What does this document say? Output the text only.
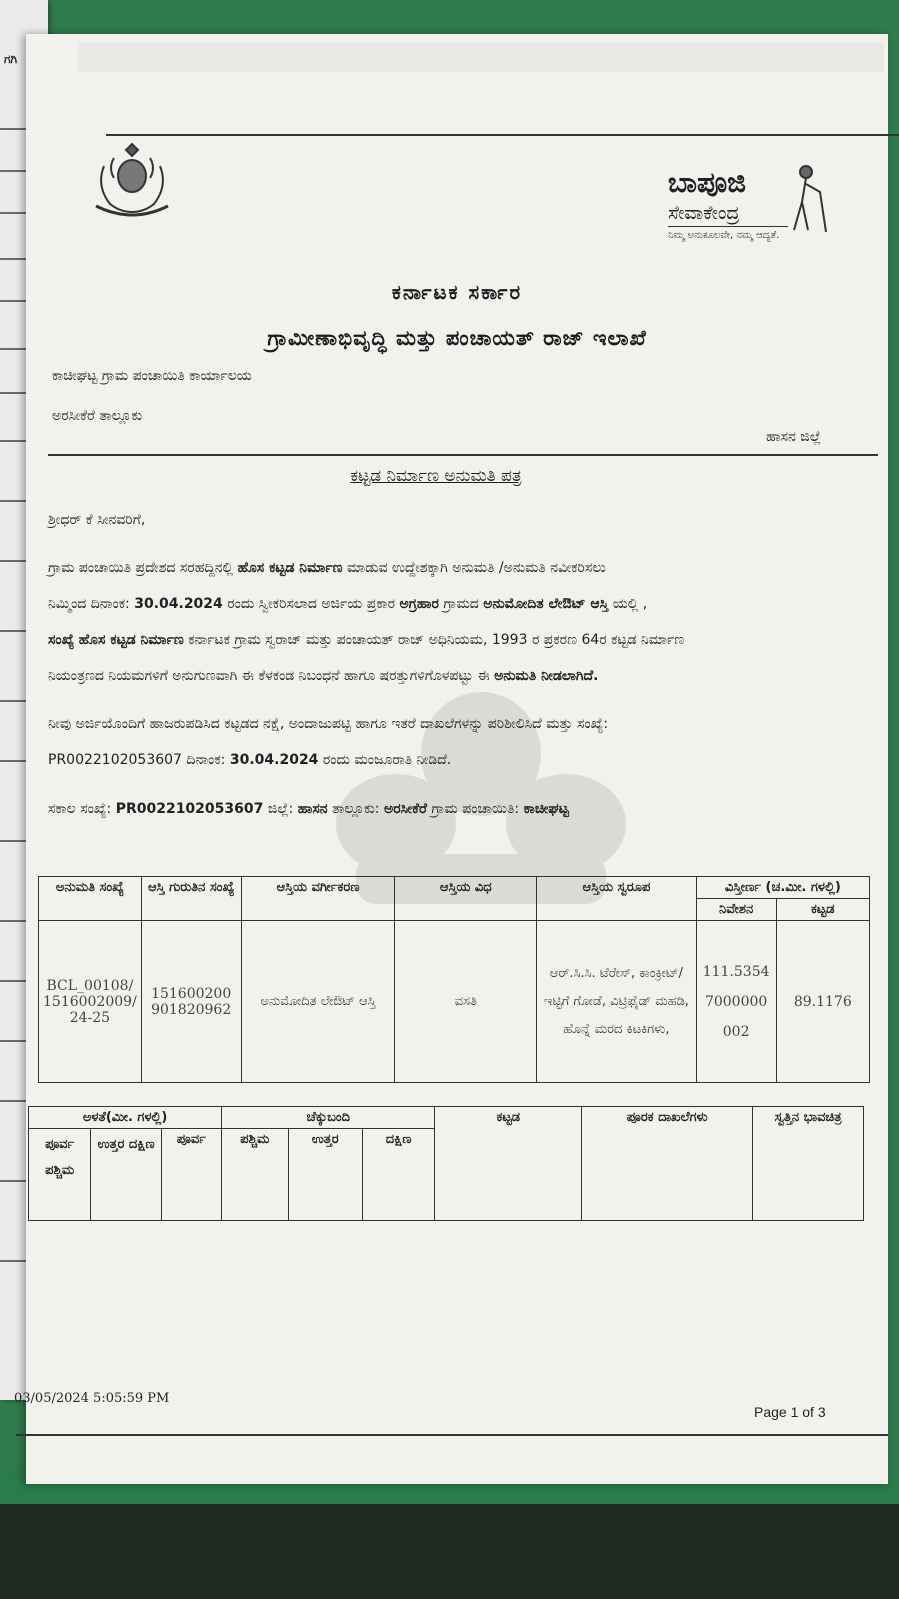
ಗಗಿ
ಬಾಪೂಜಿ
ಸೇವಾಕೇಂದ್ರ
ನಿಮ್ಮ ಅನುಕೂಲವೇ, ನಮ್ಮ ಆದ್ಯತೆ.
ಕರ್ನಾಟಕ ಸರ್ಕಾರ
ಗ್ರಾಮೀಣಾಭಿವೃದ್ಧಿ ಮತ್ತು ಪಂಚಾಯತ್ ರಾಜ್ ಇಲಾಖೆ
ಕಾಚೀಘಟ್ಟ ಗ್ರಾಮ ಪಂಚಾಯಿತಿ ಕಾರ್ಯಾಲಯ
ಅರಸೀಕೆರೆ ತಾಲ್ಲೂಕು
ಹಾಸನ ಜಿಲ್ಲೆ
ಕಟ್ಟಡ ನಿರ್ಮಾಣ ಅನುಮತಿ ಪತ್ರ
ಶ್ರೀಧರ್ ಕೆ ಸೀನವರಿಗೆ,
ಗ್ರಾಮ ಪಂಚಾಯಿತಿ ಪ್ರದೇಶದ ಸರಹದ್ದಿನಲ್ಲಿ ಹೊಸ ಕಟ್ಟಡ ನಿರ್ಮಾಣ ಮಾಡುವ ಉದ್ದೇಶಕ್ಕಾಗಿ ಅನುಮತಿ /ಅನುಮತಿ ನವೀಕರಿಸಲು
ನಿಮ್ಮಿಂದ ದಿನಾಂಕ: 30.04.2024 ರಂದು ಸ್ವೀಕರಿಸಲಾದ ಅರ್ಜಿಯ ಪ್ರಕಾರ ಅಗ್ರಹಾರ ಗ್ರಾಮದ ಅನುಮೋದಿತ ಲೇಔಟ್ ಆಸ್ತಿ ಯಲ್ಲಿ ,
ಸಂಖ್ಯೆ ಹೊಸ ಕಟ್ಟಡ ನಿರ್ಮಾಣ ಕರ್ನಾಟಕ ಗ್ರಾಮ ಸ್ವರಾಜ್ ಮತ್ತು ಪಂಚಾಯತ್ ರಾಜ್ ಅಧಿನಿಯಮ, 1993 ರ ಪ್ರಕರಣ 64ರ ಕಟ್ಟಡ ನಿರ್ಮಾಣ
ನಿಯಂತ್ರಣದ ನಿಯಮಗಳಿಗೆ ಅನುಗುಣವಾಗಿ ಈ ಕೆಳಕಂಡ ನಿಬಂಧನೆ ಹಾಗೂ ಷರತ್ತುಗಳಿಗೊಳಪಟ್ಟು ಈ ಅನುಮತಿ ನೀಡಲಾಗಿದೆ.
ನೀವು ಅರ್ಜಿಯೊಂದಿಗೆ ಹಾಜರುಪಡಿಸಿದ ಕಟ್ಟಡದ ನಕ್ಷೆ, ಅಂದಾಜುಪಟ್ಟಿ ಹಾಗೂ ಇತರೆ ದಾಖಲೆಗಳನ್ನು ಪರಿಶೀಲಿಸಿದೆ ಮತ್ತು ಸಂಖ್ಯೆ:
PR0022102053607 ದಿನಾಂಕ: 30.04.2024 ರಂದು ಮಂಜೂರಾತಿ ನೀಡಿದೆ.
ಸಕಾಲ ಸಂಖ್ಯೆ: PR0022102053607 ಜಿಲ್ಲೆ: ಹಾಸನ ತಾಲ್ಲೂಕು: ಅರಸೀಕೆರೆ ಗ್ರಾಮ ಪಂಚಾಯಿತಿ: ಕಾಚೀಘಟ್ಟ
ಅನುಮತಿ ಸಂಖ್ಯೆ	ಆಸ್ತಿ ಗುರುತಿನ ಸಂಖ್ಯೆ	ಆಸ್ತಿಯ ವರ್ಗೀಕರಣ	ಆಸ್ತಿಯ ವಿಧ	ಆಸ್ತಿಯ ಸ್ವರೂಪ	ವಿಸ್ತೀರ್ಣ (ಚ.ಮೀ. ಗಳಲ್ಲಿ)	
					ನಿವೇಶನ	ಕಟ್ಟಡ
BCL_00108/ 1516002009/ 24-25	151600200 901820962	ಅನುಮೋದಿತ ಲೇಔಟ್ ಆಸ್ತಿ	ವಸತಿ	ಆರ್.ಸಿ.ಸಿ. ಟೆರೇಸ್, ಕಾಂಕ್ರೀಟ್/ಇಟ್ಟಿಗೆ ಗೋಡೆ, ವಿಟ್ರಿಫೈಡ್ ಮಹಡಿ, ಹೊನ್ನೆ ಮರದ ಕಿಟಕಿಗಳು,	111.5354 7000000 002	89.1176
ಅಳತೆ(ಮೀ. ಗಳಲ್ಲಿ)			ಚೆಕ್ಕುಬಂದಿ			ಕಟ್ಟಡ	ಪೂರಕ ದಾಖಲೆಗಳು	ಸ್ವತ್ತಿನ ಭಾವಚಿತ್ರ
ಪೂರ್ವ ಪಶ್ಚಿಮ	ಉತ್ತರ ದಕ್ಷಿಣ	ಪೂರ್ವ	ಪಶ್ಚಿಮ	ಉತ್ತರ	ದಕ್ಷಿಣ			
03/05/2024 5:05:59 PM
Page 1 of 3
